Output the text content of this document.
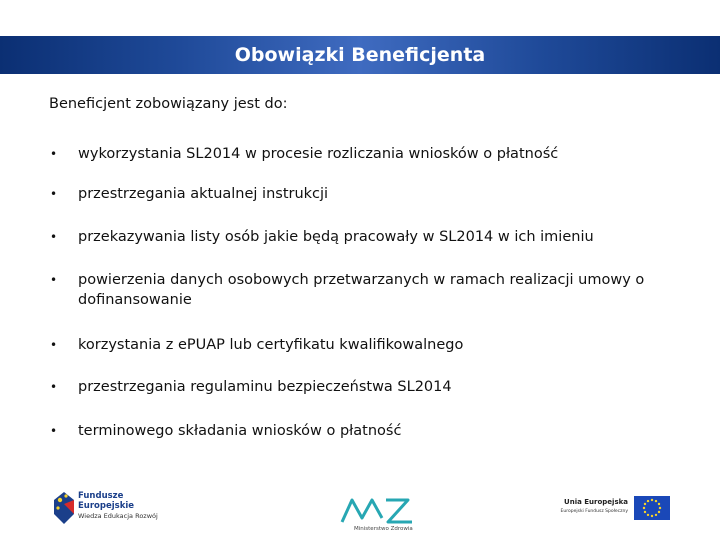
Obowiązki Beneficjenta
Beneficjent zobowiązany jest do:
•	wykorzystania SL2014 w procesie rozliczania wniosków o płatność
•	przestrzegania aktualnej instrukcji
•	przekazywania listy osób jakie będą pracowały w SL2014 w ich imieniu
•	powierzenia danych osobowych przetwarzanych w ramach realizacji umowy o dofinansowanie
•	korzystania z ePUAP lub certyfikatu kwalifikowalnego
•	przestrzegania regulaminu bezpieczeństwa SL2014
•	terminowego składania wniosków o płatność
Fundusze
Europejskie
Wiedza Edukacja Rozwój
Ministerstwo Zdrowia
Unia Europejska
Europejski Fundusz Społeczny
